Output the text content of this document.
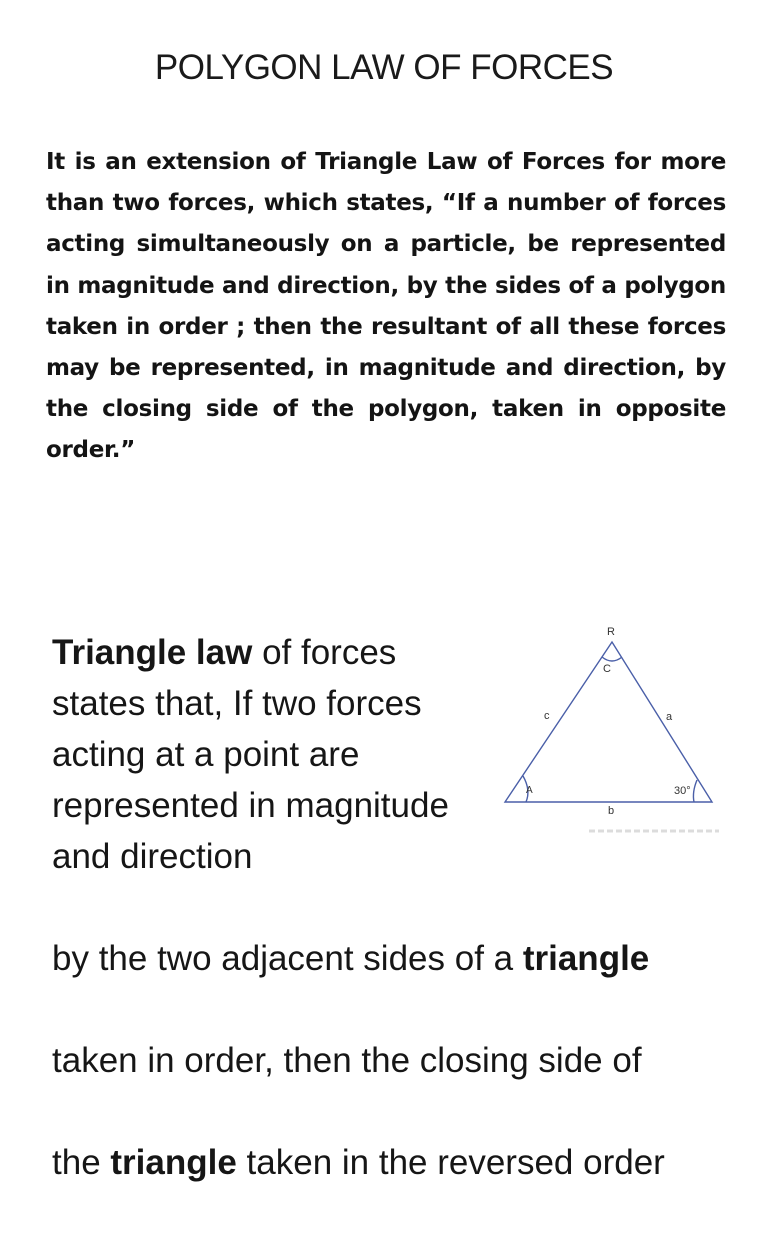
POLYGON LAW OF FORCES

It is an extension of Triangle Law of Forces for more than two forces, which states, “If a number of forces acting simultaneously on a particle, be represented in magnitude and direction, by the sides of a polygon taken in order ; then the resultant of all these forces may be represented, in magnitude and direction, by the closing side of the polygon, taken in opposite order.”

Triangle law of forces states that, If two forces acting at a point are represented in magnitude and direction

by the two adjacent sides of a triangle

taken in order, then the closing side of

the triangle taken in the reversed order

R
C
c	a
A	30°
b
